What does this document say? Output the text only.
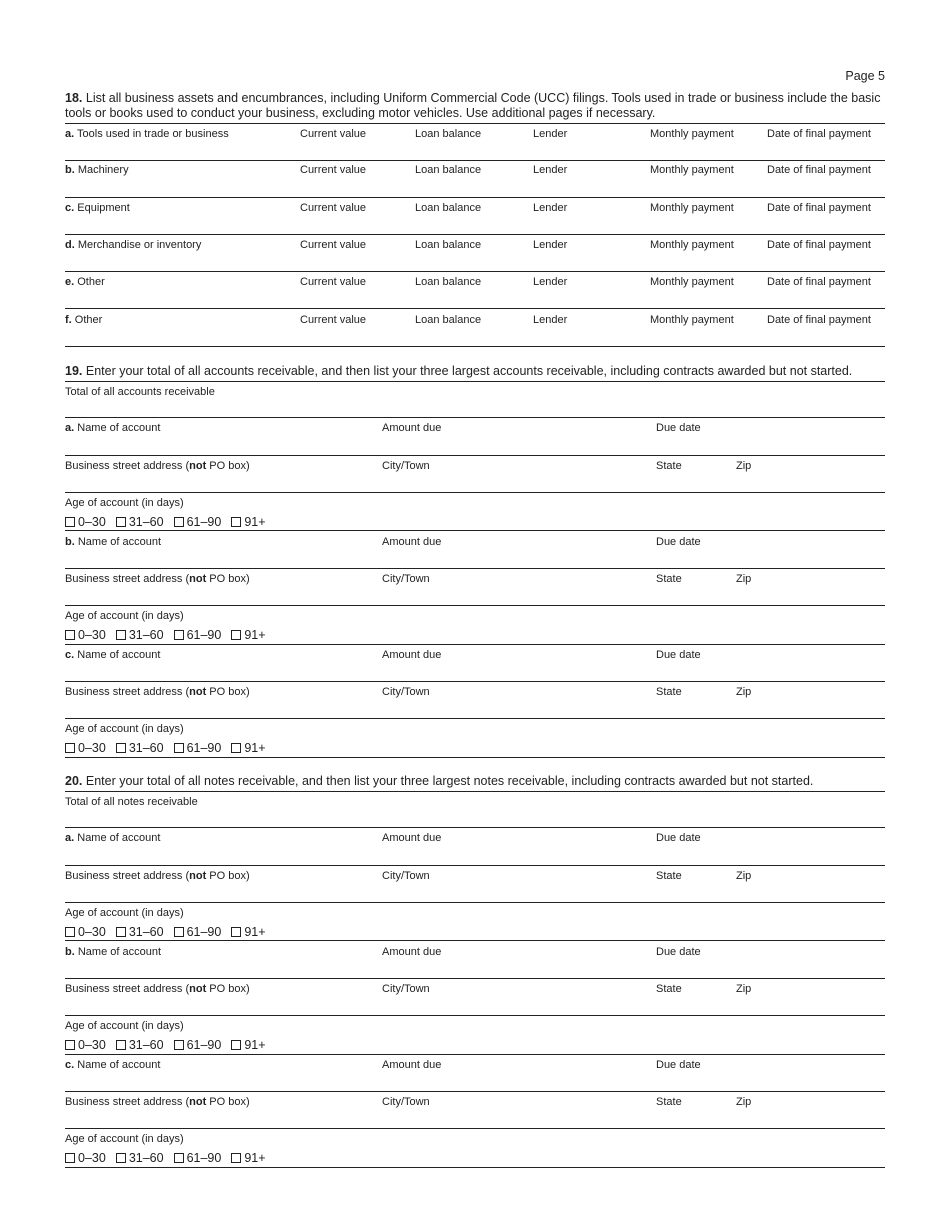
Page 5
18. List all business assets and encumbrances, including Uniform Commercial Code (UCC) filings. Tools used in trade or business include the basic tools or books used to conduct your business, excluding motor vehicles. Use additional pages if necessary.
a. Tools used in trade or business	Current value	Loan balance	Lender	Monthly payment	Date of final payment
b. Machinery	Current value	Loan balance	Lender	Monthly payment	Date of final payment
c. Equipment	Current value	Loan balance	Lender	Monthly payment	Date of final payment
d. Merchandise or inventory	Current value	Loan balance	Lender	Monthly payment	Date of final payment
e. Other	Current value	Loan balance	Lender	Monthly payment	Date of final payment
f. Other	Current value	Loan balance	Lender	Monthly payment	Date of final payment
19. Enter your total of all accounts receivable, and then list your three largest accounts receivable, including contracts awarded but not started.
Total of all accounts receivable
a. Name of account	Amount due	Due date
Business street address (not PO box)	City/Town	State	Zip
Age of account (in days)
0–30 31–60 61–90 91+
b. Name of account	Amount due	Due date
Business street address (not PO box)	City/Town	State	Zip
Age of account (in days)
0–30 31–60 61–90 91+
c. Name of account	Amount due	Due date
Business street address (not PO box)	City/Town	State	Zip
Age of account (in days)
0–30 31–60 61–90 91+
20. Enter your total of all notes receivable, and then list your three largest notes receivable, including contracts awarded but not started.
Total of all notes receivable
a. Name of account	Amount due	Due date
Business street address (not PO box)	City/Town	State	Zip
Age of account (in days)
0–30 31–60 61–90 91+
b. Name of account	Amount due	Due date
Business street address (not PO box)	City/Town	State	Zip
Age of account (in days)
0–30 31–60 61–90 91+
c. Name of account	Amount due	Due date
Business street address (not PO box)	City/Town	State	Zip
Age of account (in days)
0–30 31–60 61–90 91+
